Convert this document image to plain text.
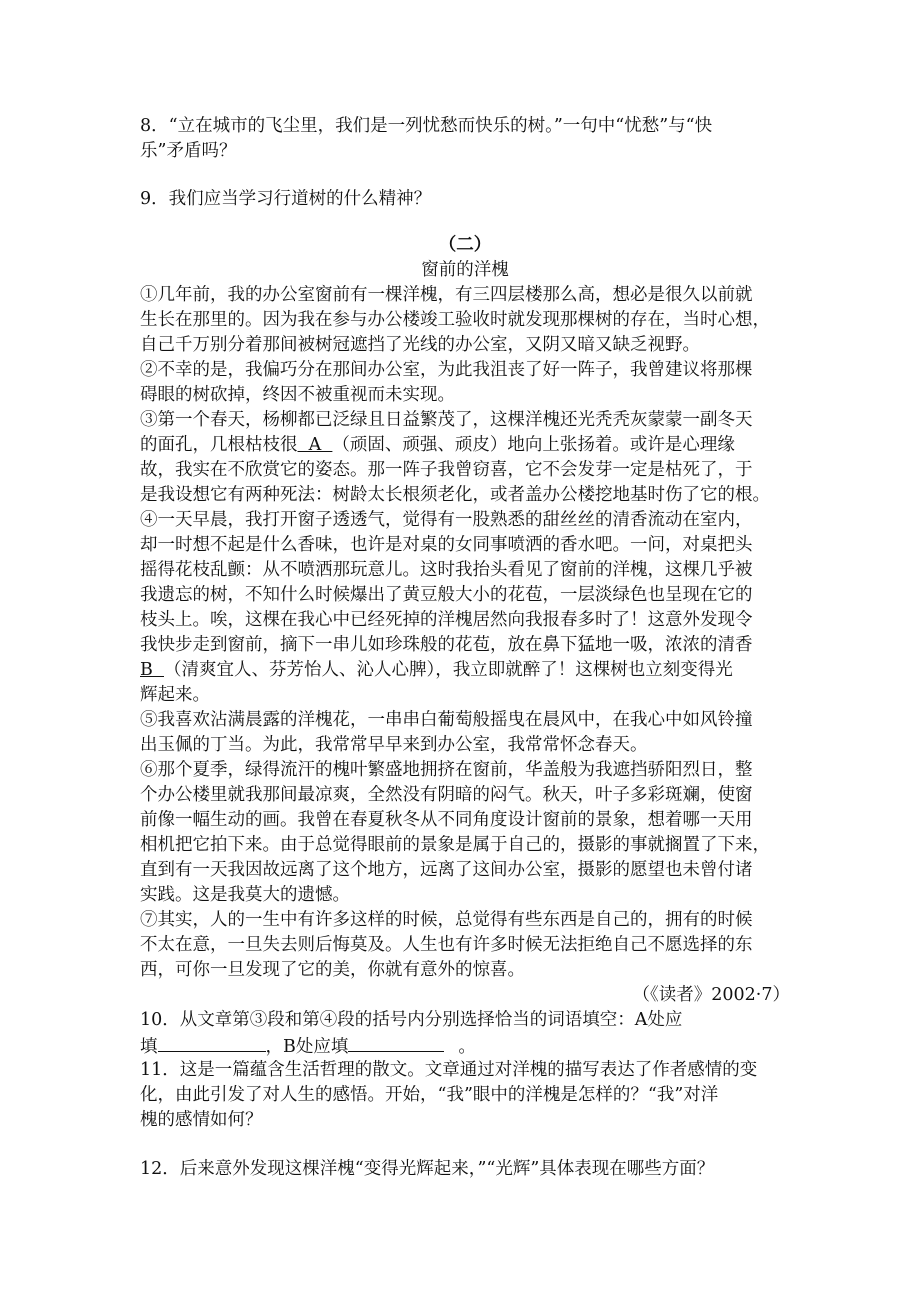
8．“立在城市的飞尘里，我们是一列忧愁而快乐的树。”一句中“忧愁”与“快
乐”矛盾吗？
9．我们应当学习行道树的什么精神？
（二）
窗前的洋槐
①几年前，我的办公室窗前有一棵洋槐，有三四层楼那么高，想必是很久以前就
生长在那里的。因为我在参与办公楼竣工验收时就发现那棵树的存在，当时心想，
自己千万别分着那间被树冠遮挡了光线的办公室，又阴又暗又缺乏视野。
②不幸的是，我偏巧分在那间办公室，为此我沮丧了好一阵子，我曾建议将那棵
碍眼的树砍掉，终因不被重视而未实现。
③第一个春天，杨柳都已泛绿且日益繁茂了，这棵洋槐还光秃秃灰蒙蒙一副冬天
的面孔，几根枯枝很  A  （顽固、顽强、顽皮）地向上张扬着。或许是心理缘
故，我实在不欣赏它的姿态。那一阵子我曾窃喜，它不会发芽一定是枯死了，于
是我设想它有两种死法：树龄太长根须老化，或者盖办公楼挖地基时伤了它的根。
④一天早晨，我打开窗子透透气，觉得有一股熟悉的甜丝丝的清香流动在室内，
却一时想不起是什么香味，也许是对桌的女同事喷洒的香水吧。一问，对桌把头
摇得花枝乱颤：从不喷洒那玩意儿。这时我抬头看见了窗前的洋槐，这棵几乎被
我遗忘的树，不知什么时候爆出了黄豆般大小的花苞，一层淡绿色也呈现在它的
枝头上。唉，这棵在我心中已经死掉的洋槐居然向我报春多时了！这意外发现令
我快步走到窗前，摘下一串儿如珍珠般的花苞，放在鼻下猛地一吸，浓浓的清香
B  （清爽宜人、芬芳怡人、沁人心脾），我立即就醉了！这棵树也立刻变得光
辉起来。
⑤我喜欢沾满晨露的洋槐花，一串串白葡萄般摇曳在晨风中，在我心中如风铃撞
出玉佩的丁当。为此，我常常早早来到办公室，我常常怀念春天。
⑥那个夏季，绿得流汗的槐叶繁盛地拥挤在窗前，华盖般为我遮挡骄阳烈日，整
个办公楼里就我那间最凉爽，全然没有阴暗的闷气。秋天，叶子多彩斑斓，使窗
前像一幅生动的画。我曾在春夏秋冬从不同角度设计窗前的景象，想着哪一天用
相机把它拍下来。由于总觉得眼前的景象是属于自己的，摄影的事就搁置了下来，
直到有一天我因故远离了这个地方，远离了这间办公室，摄影的愿望也未曾付诸
实践。这是我莫大的遗憾。
⑦其实，人的一生中有许多这样的时候，总觉得有些东西是自己的，拥有的时候
不太在意，一旦失去则后悔莫及。人生也有许多时候无法拒绝自己不愿选择的东
西，可你一旦发现了它的美，你就有意外的惊喜。
（《读者》2002·7）
10．从文章第③段和第④段的括号内分别选择恰当的词语填空：A处应
填	，B处应填	。
11．这是一篇蕴含生活哲理的散文。文章通过对洋槐的描写表达了作者感情的变
化，由此引发了对人生的感悟。开始，“我”眼中的洋槐是怎样的？“我”对洋
槐的感情如何？
12．后来意外发现这棵洋槐“变得光辉起来，”“光辉”具体表现在哪些方面？
